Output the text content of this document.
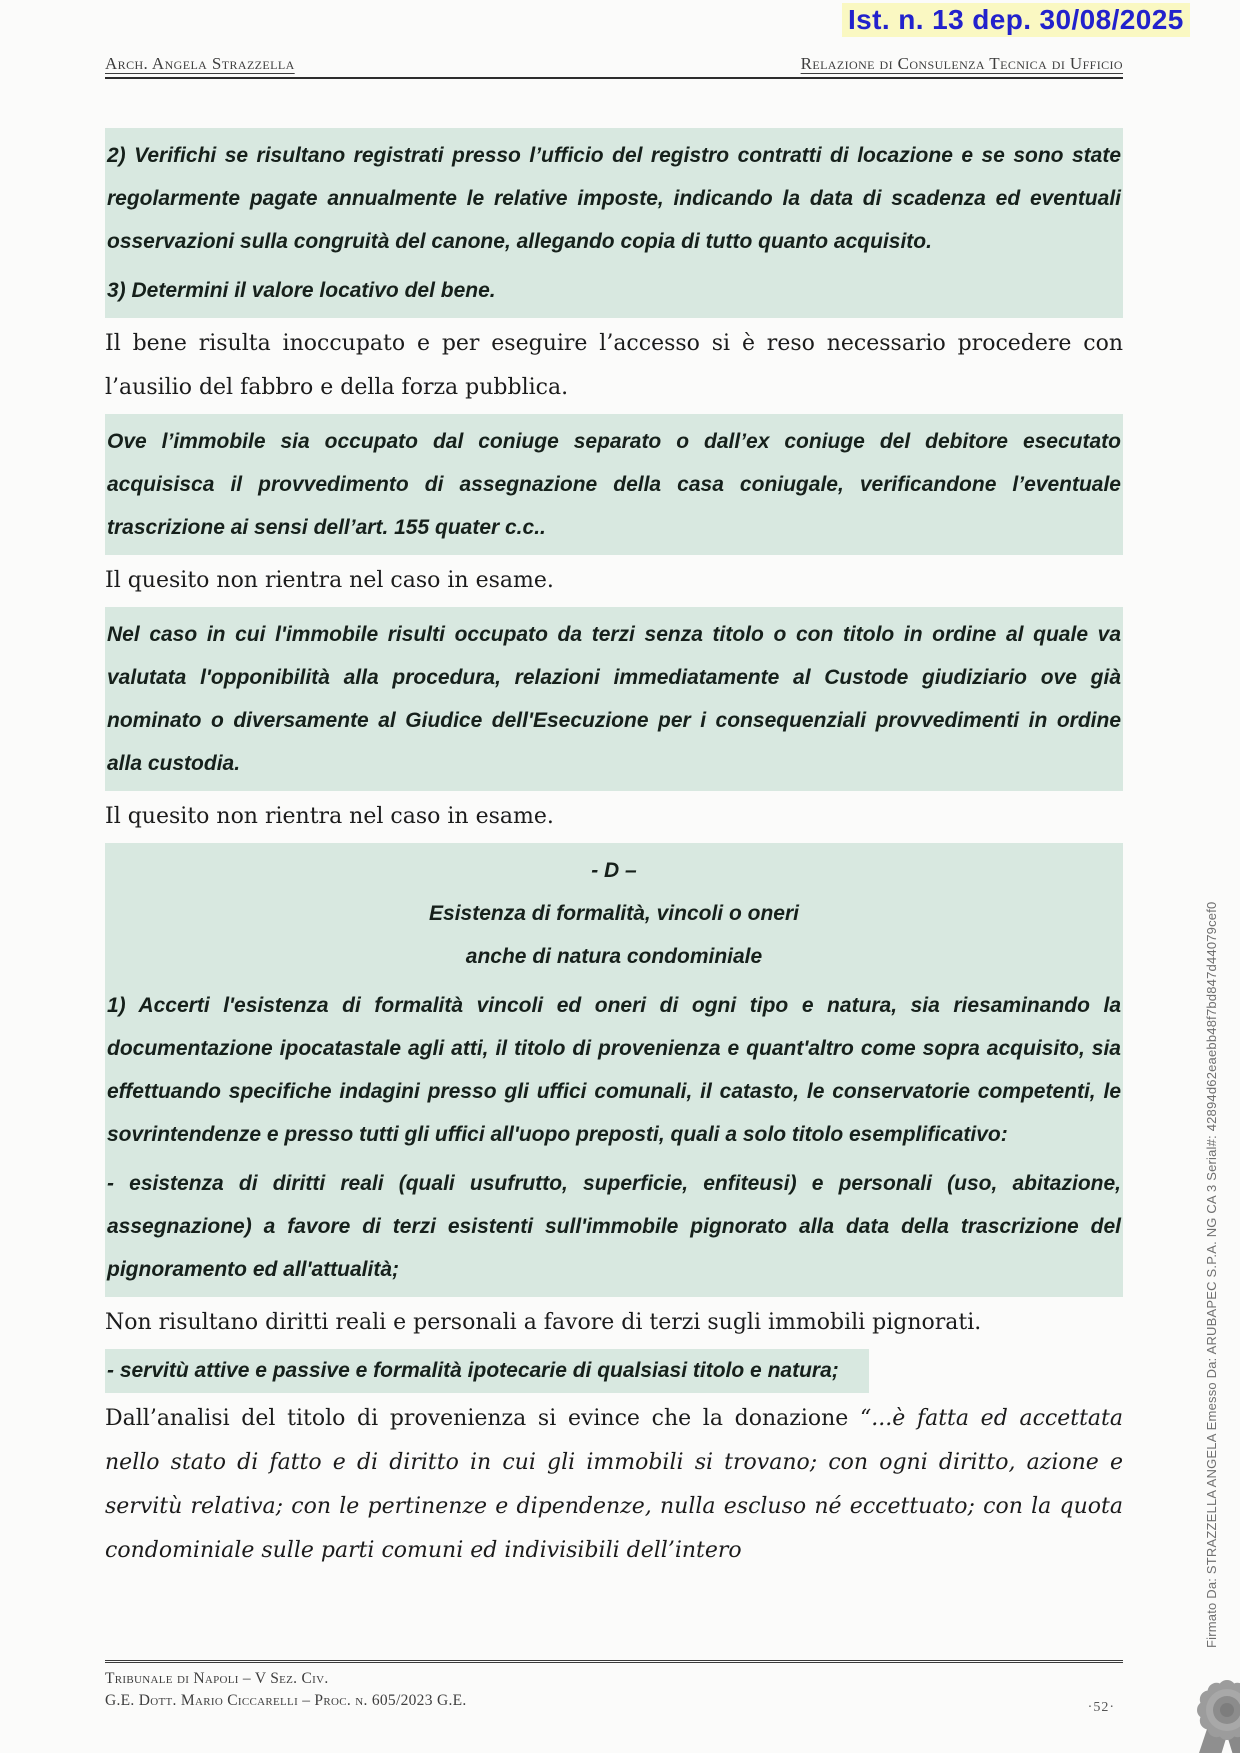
Ist. n. 13 dep. 30/08/2025
Arch. Angela Strazzella	Relazione di Consulenza Tecnica di Ufficio

2) Verifichi se risultano registrati presso l’ufficio del registro contratti di locazione e se sono state regolarmente pagate annualmente le relative imposte, indicando la data di scadenza ed eventuali osservazioni sulla congruità del canone, allegando copia di tutto quanto acquisito.

3) Determini il valore locativo del bene.

Il bene risulta inoccupato e per eseguire l’accesso si è reso necessario procedere con l’ausilio del fabbro e della forza pubblica.

Ove l’immobile sia occupato dal coniuge separato o dall’ex coniuge del debitore esecutato acquisisca il provvedimento di assegnazione della casa coniugale, verificandone l’eventuale trascrizione ai sensi dell’art. 155 quater c.c..

Il quesito non rientra nel caso in esame.

Nel caso in cui l'immobile risulti occupato da terzi senza titolo o con titolo in ordine al quale va valutata l'opponibilità alla procedura, relazioni immediatamente al Custode giudiziario ove già nominato o diversamente al Giudice dell'Esecuzione per i consequenziali provvedimenti in ordine alla custodia.

Il quesito non rientra nel caso in esame.

- D –

Esistenza di formalità, vincoli o oneri

anche di natura condominiale

1) Accerti l'esistenza di formalità vincoli ed oneri di ogni tipo e natura, sia riesaminando la documentazione ipocatastale agli atti, il titolo di provenienza e quant'altro come sopra acquisito, sia effettuando specifiche indagini presso gli uffici comunali, il catasto, le conservatorie competenti, le sovrintendenze e presso tutti gli uffici all'uopo preposti, quali a solo titolo esemplificativo:

- esistenza di diritti reali (quali usufrutto, superficie, enfiteusi) e personali (uso, abitazione, assegnazione) a favore di terzi esistenti sull'immobile pignorato alla data della trascrizione del pignoramento ed all'attualità;

Non risultano diritti reali e personali a favore di terzi sugli immobili pignorati.

- servitù attive e passive e formalità ipotecarie di qualsiasi titolo e natura;

Dall’analisi del titolo di provenienza si evince che la donazione “...è fatta ed accettata nello stato di fatto e di diritto in cui gli immobili si trovano; con ogni diritto, azione e servitù relativa; con le pertinenze e dipendenze, nulla escluso né eccettuato; con la quota condominiale sulle parti comuni ed indivisibili dell’intero

Tribunale di Napoli – V Sez. Civ.
G.E. Dott. Mario Ciccarelli – Proc. n. 605/2023 G.E.	·52·
Firmato Da: STRAZZELLA ANGELA Emesso Da: ARUBAPEC S.P.A. NG CA 3 Serial#: 42894d62eaebb48f7bd847d44079cef0
